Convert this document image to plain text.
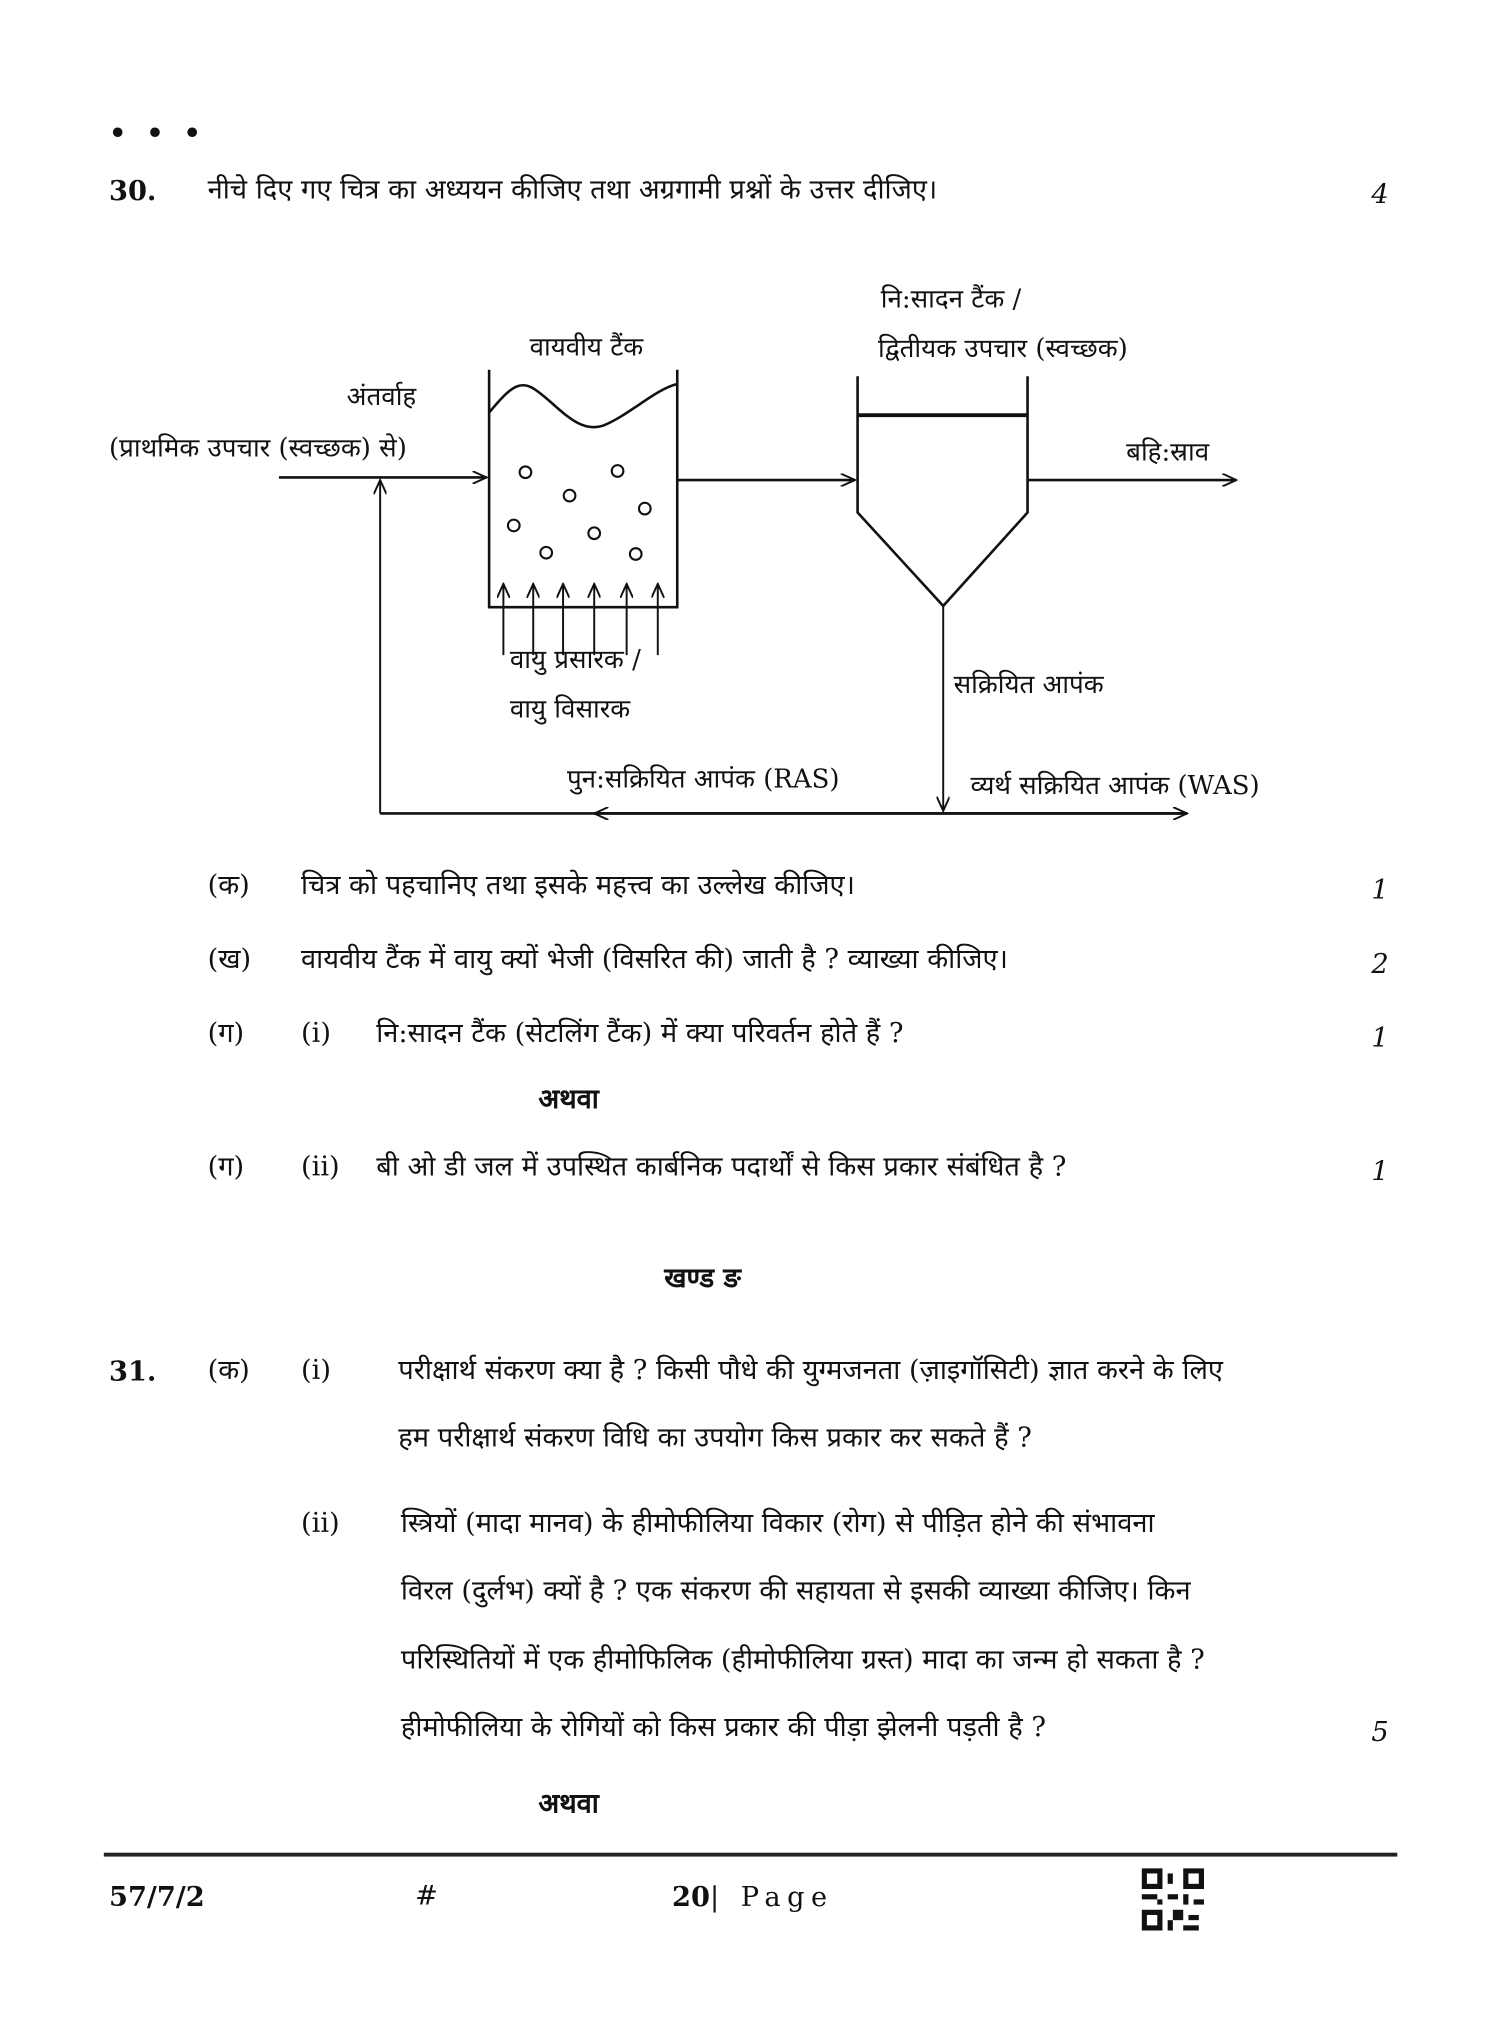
• • •
30. नीचे दिए गए चित्र का अध्ययन कीजिए तथा अग्रगामी प्रश्नों के उत्तर दीजिए।	4
अंतर्वाह
(प्राथमिक उपचार (स्वच्छक) से)
वायवीय टैंक
नि:सादन टैंक /
द्वितीयक उपचार (स्वच्छक)
बहि:स्राव
वायु प्रसारक /
वायु विसारक
सक्रियित आपंक
पुन:सक्रियित आपंक (RAS)	व्यर्थ सक्रियित आपंक (WAS)
(क) चित्र को पहचानिए तथा इसके महत्त्व का उल्लेख कीजिए।	1
(ख) वायवीय टैंक में वायु क्यों भेजी (विसरित की) जाती है ? व्याख्या कीजिए।	2
(ग)	(i) नि:सादन टैंक (सेटलिंग टैंक) में क्या परिवर्तन होते हैं ?	1
अथवा
(ग)	(ii) बी ओ डी जल में उपस्थित कार्बनिक पदार्थों से किस प्रकार संबंधित है ?	1
खण्ड ङ
31. (क) (i)	परीक्षार्थ संकरण क्या है ? किसी पौधे की युग्मजनता (ज़ाइगॉसिटी) ज्ञात करने के लिए
हम परीक्षार्थ संकरण विधि का उपयोग किस प्रकार कर सकते हैं ?
(ii)	स्त्रियों (मादा मानव) के हीमोफीलिया विकार (रोग) से पीड़ित होने की संभावना
विरल (दुर्लभ) क्यों है ? एक संकरण की सहायता से इसकी व्याख्या कीजिए। किन
परिस्थितियों में एक हीमोफिलिक (हीमोफीलिया ग्रस्त) मादा का जन्म हो सकता है ?
हीमोफीलिया के रोगियों को किस प्रकार की पीड़ा झेलनी पड़ती है ?	5
अथवा
57/7/2	#	20| Page
